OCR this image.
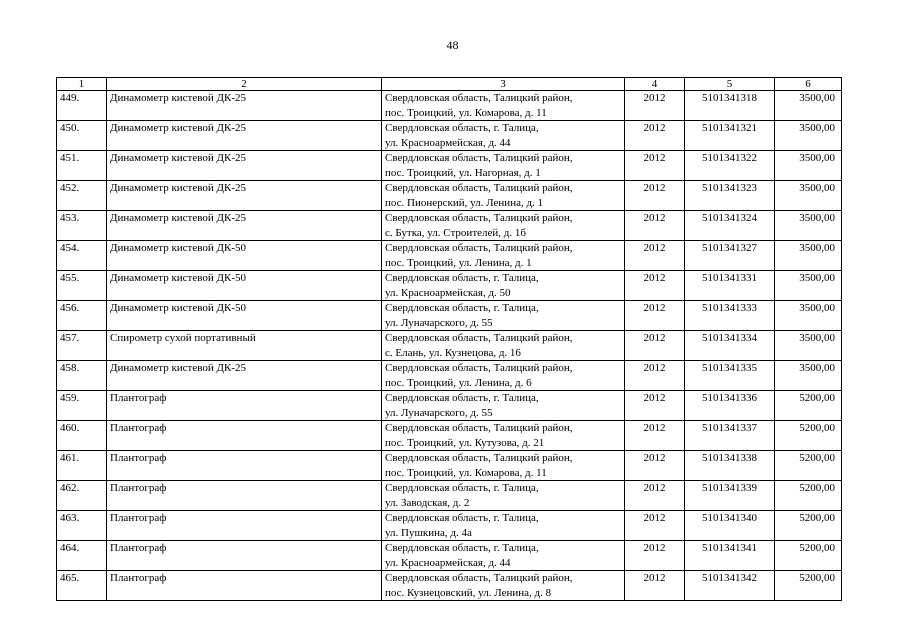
48
1	2	3	4	5	6
449.	Динамометр кистевой ДК-25	Свердловская область, Талицкий район,
пос. Троицкий, ул. Комарова, д. 11	2012	5101341318	3500,00
450.	Динамометр кистевой ДК-25	Свердловская область, г. Талица,
ул. Красноармейская, д. 44	2012	5101341321	3500,00
451.	Динамометр кистевой ДК-25	Свердловская область, Талицкий район,
пос. Троицкий, ул. Нагорная, д. 1	2012	5101341322	3500,00
452.	Динамометр кистевой ДК-25	Свердловская область, Талицкий район,
пос. Пионерский, ул. Ленина, д. 1	2012	5101341323	3500,00
453.	Динамометр кистевой ДК-25	Свердловская область, Талицкий район,
с. Бутка, ул. Строителей, д. 1б	2012	5101341324	3500,00
454.	Динамометр кистевой ДК-50	Свердловская область, Талицкий район,
пос. Троицкий, ул. Ленина, д. 1	2012	5101341327	3500,00
455.	Динамометр кистевой ДК-50	Свердловская область, г. Талица,
ул. Красноармейская, д. 50	2012	5101341331	3500,00
456.	Динамометр кистевой ДК-50	Свердловская область, г. Талица,
ул. Луначарского, д. 55	2012	5101341333	3500,00
457.	Спирометр сухой портативный	Свердловская область, Талицкий район,
с. Елань, ул. Кузнецова, д. 16	2012	5101341334	3500,00
458.	Динамометр кистевой ДК-25	Свердловская область, Талицкий район,
пос. Троицкий, ул. Ленина, д. 6	2012	5101341335	3500,00
459.	Плантограф	Свердловская область, г. Талица,
ул. Луначарского, д. 55	2012	5101341336	5200,00
460.	Плантограф	Свердловская область, Талицкий район,
пос. Троицкий, ул. Кутузова, д. 21	2012	5101341337	5200,00
461.	Плантограф	Свердловская область, Талицкий район,
пос. Троицкий, ул. Комарова, д. 11	2012	5101341338	5200,00
462.	Плантограф	Свердловская область, г. Талица,
ул. Заводская, д. 2	2012	5101341339	5200,00
463.	Плантограф	Свердловская область, г. Талица,
ул. Пушкина, д. 4а	2012	5101341340	5200,00
464.	Плантограф	Свердловская область, г. Талица,
ул. Красноармейская, д. 44	2012	5101341341	5200,00
465.	Плантограф	Свердловская область, Талицкий район,
пос. Кузнецовский, ул. Ленина, д. 8	2012	5101341342	5200,00
